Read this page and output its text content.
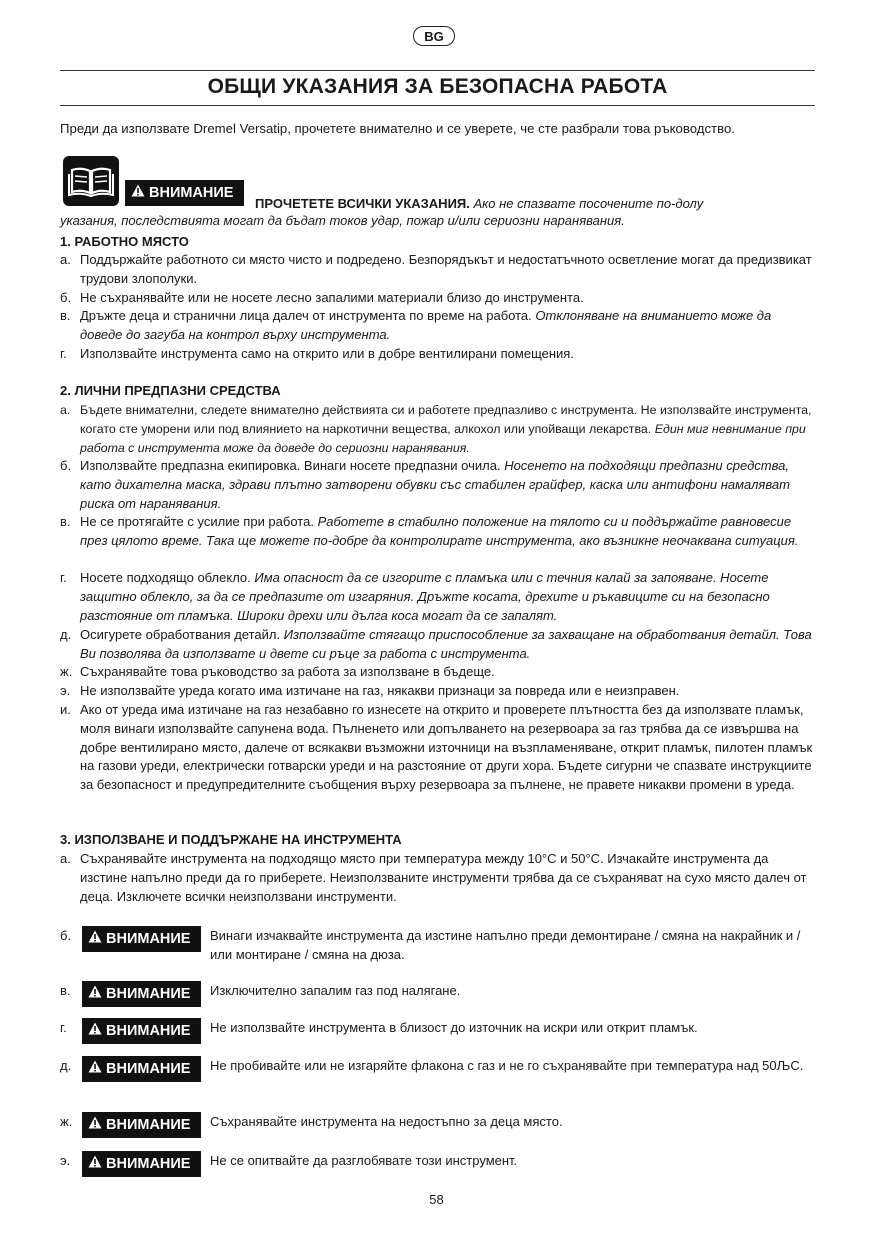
BG
ОБЩИ УКАЗАНИЯ ЗА БЕЗОПАСНА РАБОТА
Преди да използвате Dremel Versatip, прочетете внимателно и се уверете, че сте разбрали това ръководство.
ВНИМАНИЕ
ПРОЧЕТЕТЕ ВСИЧКИ УКАЗАНИЯ. Ако не спазвате посочените по-долу
указания, последствията могат да бъдат токов удар, пожар и/или сериозни наранявания.
1. РАБОТНО МЯСТО
а. Поддържайте работното си място чисто и подредено. Безпорядъкът и недостатъчното осветление могат да предизвикат трудови злополуки.
б. Не съхранявайте или не носете лесно запалими материали близо до инструмента.
в. Дръжте деца и странични лица далеч от инструмента по време на работа. Отклоняване на вниманието може да доведе до загуба на контрол върху инструмента.
г. Използвайте инструмента само на открито или в добре вентилирани помещения.
2. ЛИЧНИ ПРЕДПАЗНИ СРЕДСТВА
а. Бъдете внимателни, следете внимателно действията си и работете предпазливо с инструмента. Не използвайте инструмента, когато сте уморени или под влиянието на наркотични вещества, алкохол или упойващи лекарства. Един миг невнимание при работа с инструмента може да доведе до сериозни наранявания.
б. Използвайте предпазна екипировка. Винаги носете предпазни очила. Носенето на подходящи предпазни средства, като дихателна маска, здрави плътно затворени обувки със стабилен грайфер, каска или антифони намаляват риска от наранявания.
в. Не се протягайте с усилие при работа. Работете в стабилно положение на тялото си и поддържайте равновесие през цялото време. Така ще можете по-добре да контролирате инструмента, ако възникне неочаквана ситуация.
г. Носете подходящо облекло. Има опасност да се изгорите с пламъка или с течния калай за запояване. Носете защитно облекло, за да се предпазите от изгаряния. Дръжте косата, дрехите и ръкавиците си на безопасно разстояние от пламъка. Широки дрехи или дълга коса могат да се запалят.
д. Осигурете обработвания детайл. Използвайте стягащо приспособление за захващане на обработвания детайл. Това Ви позволява да използвате и двете си ръце за работа с инструмента.
ж. Съхранявайте това ръководство за работа за използване в бъдеще.
э. Не използвайте уреда когато има изтичане на газ, някакви признаци за повреда или е неизправен.
и. Ако от уреда има изтичане на газ незабавно го изнесете на открито и проверете плътността без да използвате пламък, моля винаги използвайте сапунена вода. Пълненето или допълването на резервоара за газ трябва да се извършва на добре вентилирано място, далече от всякакви възможни източници на възпламеняване, открит пламък, пилотен пламък на газови уреди, електрически готварски уреди и на разстояние от други хора. Бъдете сигурни че спазвате инструкциите за безопасност и предупредителните съобщения върху резервоара за пълнене, не правете никакви промени в уреда.
3. ИЗПОЛЗВАНЕ И ПОДДЪРЖАНЕ НА ИНСТРУМЕНТА
а. Съхранявайте инструмента на подходящо място при температура между 10°C и 50°C. Изчакайте инструмента да изстине напълно преди да го приберете. Неизползваните инструменти трябва да се съхраняват на сухо място далеч от деца. Изключете всички неизползвани инструменти.
б.	ВНИМАНИЕ	Винаги изчаквайте инструмента да изстине напълно преди демонтиране / смяна на накрайник и / или монтиране / смяна на дюза.
в.	ВНИМАНИЕ	Изключително запалим газ под налягане.
г.	ВНИМАНИЕ	Не използвайте инструмента в близост до източник на искри или открит пламък.
д.	ВНИМАНИЕ	Не пробивайте или не изгаряйте флакона с газ и не го съхранявайте при температура над 50ЉС.
ж.	ВНИМАНИЕ	Съхранявайте инструмента на недостъпно за деца място.
э.	ВНИМАНИЕ	Не се опитвайте да разглобявате този инструмент.
58
